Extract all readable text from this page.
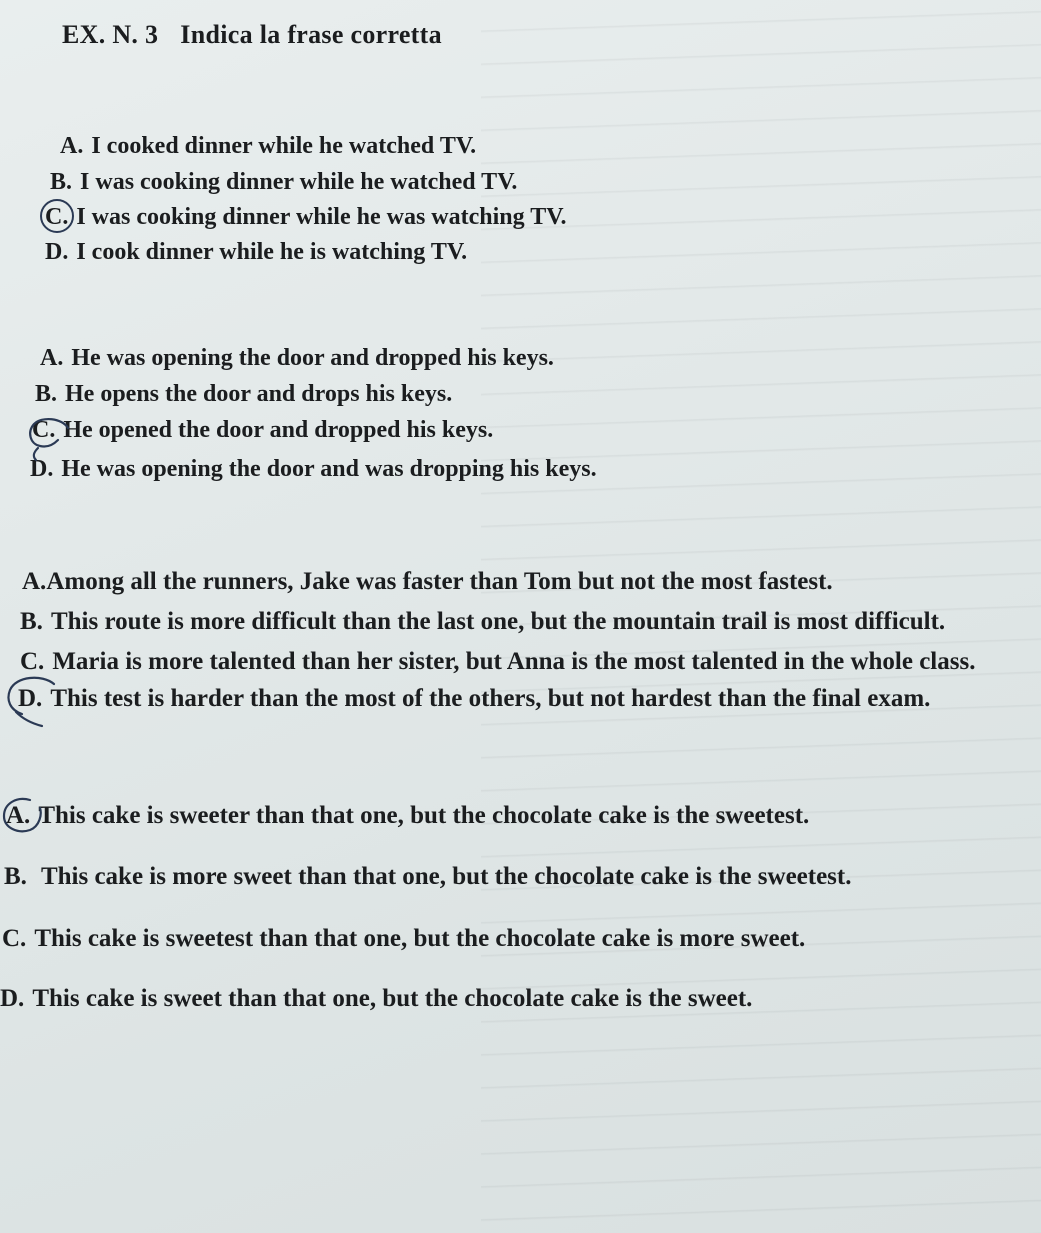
EX. N. 3 Indica la frase corretta
A. I cooked dinner while he watched TV.
B. I was cooking dinner while he watched TV.
C. I was cooking dinner while he was watching TV.
D. I cook dinner while he is watching TV.
A. He was opening the door and dropped his keys.
B. He opens the door and drops his keys.
C. He opened the door and dropped his keys.
D. He was opening the door and was dropping his keys.
A.Among all the runners, Jake was faster than Tom but not the most fastest.
B. This route is more difficult than the last one, but the mountain trail is most difficult.
C. Maria is more talented than her sister, but Anna is the most talented in the whole class.
D. This test is harder than the most of the others, but not hardest than the final exam.
A. This cake is sweeter than that one, but the chocolate cake is the sweetest.
B. This cake is more sweet than that one, but the chocolate cake is the sweetest.
C. This cake is sweetest than that one, but the chocolate cake is more sweet.
D. This cake is sweet than that one, but the chocolate cake is the sweet.
